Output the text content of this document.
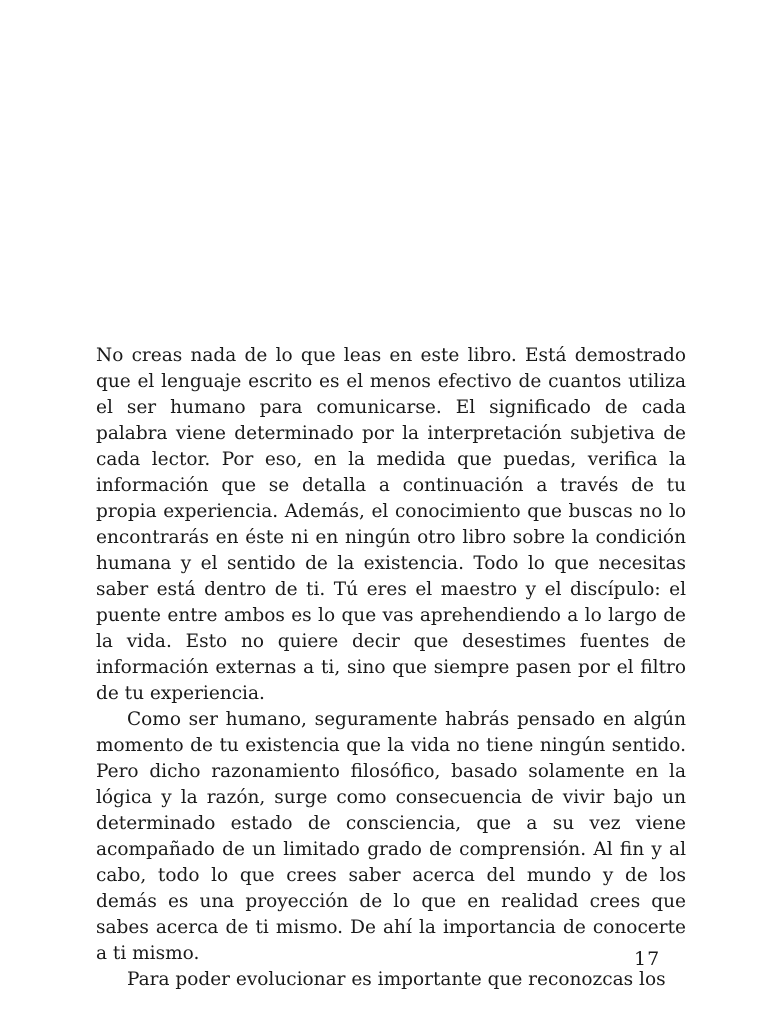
No creas nada de lo que leas en este libro. Está demostrado que el lenguaje escrito es el menos efectivo de cuantos utiliza el ser humano para comunicarse. El significado de cada palabra viene determinado por la interpretación subjetiva de cada lector. Por eso, en la medida que puedas, verifica la información que se detalla a continuación a través de tu propia experiencia. Además, el conocimiento que buscas no lo encontrarás en éste ni en ningún otro libro sobre la condición humana y el sentido de la existencia. Todo lo que necesitas saber está dentro de ti. Tú eres el maestro y el discípulo: el puente entre ambos es lo que vas aprehendiendo a lo largo de la vida. Esto no quiere decir que desestimes fuentes de información externas a ti, sino que siempre pasen por el filtro de tu experiencia.

Como ser humano, seguramente habrás pensado en algún momento de tu existencia que la vida no tiene ningún sentido. Pero dicho razonamiento filosófico, basado solamente en la lógica y la razón, surge como consecuencia de vivir bajo un determinado estado de consciencia, que a su vez viene acompañado de un limitado grado de comprensión. Al fin y al cabo, todo lo que crees saber acerca del mundo y de los demás es una proyección de lo que en realidad crees que sabes acerca de ti mismo. De ahí la importancia de conocerte a ti mismo.

Para poder evolucionar es importante que reconozcas los

17
